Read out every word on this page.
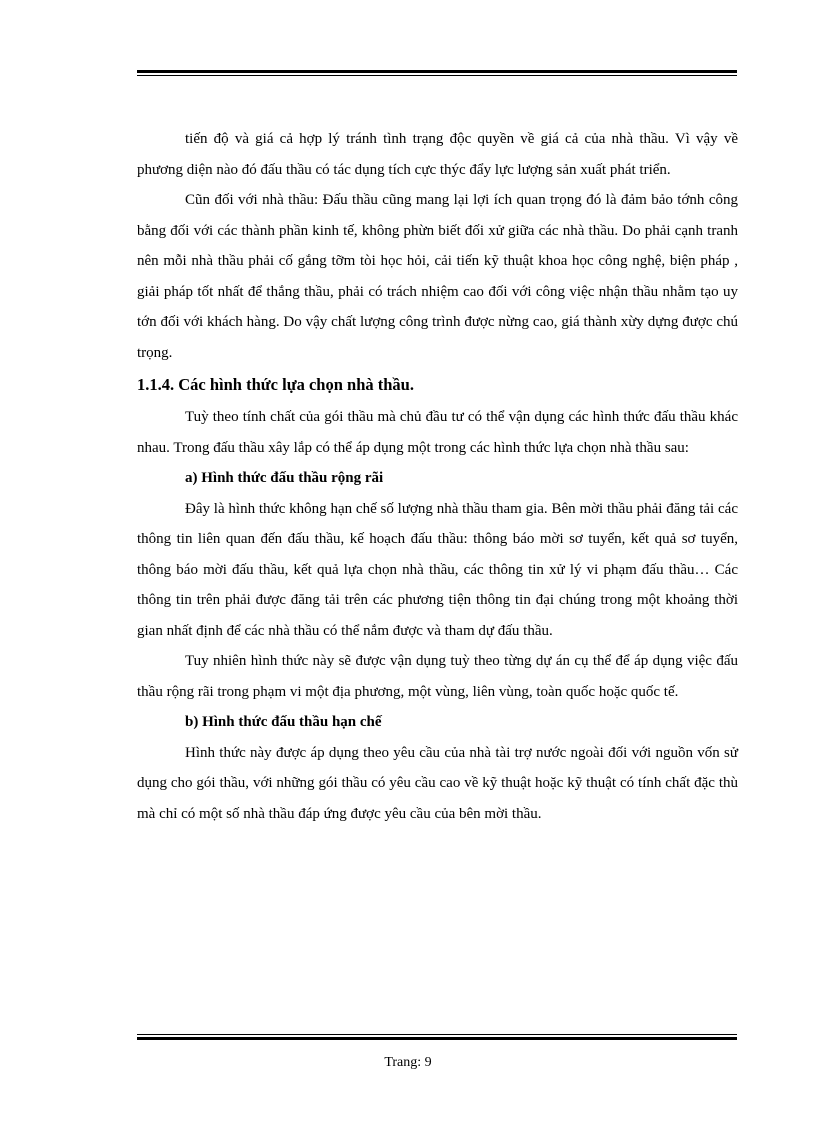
tiến độ và giá cả hợp lý tránh tình trạng độc quyền về giá cả của nhà thầu. Vì vậy về phương diện nào đó đấu thầu có tác dụng tích cực thýc đẩy lực lượng sản xuất phát triển.

Cũn đối với nhà thầu: Đấu thầu cũng mang lại lợi ích quan trọng đó là đảm bảo tớnh công bằng đối với các thành phần kinh tế, không phừn biết đối xử giữa các nhà thầu. Do phải cạnh tranh nên mỗi nhà thầu phải cố gắng tỡm tòi học hỏi, cải tiến kỹ thuật khoa học công nghệ, biện pháp , giải pháp tốt nhất để thắng thầu, phải có trách nhiệm cao đối với công việc nhận thầu nhằm tạo uy tớn đối với khách hàng. Do vậy chất lượng công trình được nừng cao, giá thành xừy dựng được chú trọng.

1.1.4. Các hình thức lựa chọn nhà thầu.

Tuỳ theo tính chất của gói thầu mà chủ đầu tư có thể vận dụng các hình thức đấu thầu khác nhau. Trong đấu thầu xây lắp có thể áp dụng một trong các hình thức lựa chọn nhà thầu sau:

a) Hình thức đấu thầu rộng rãi

Đây là hình thức không hạn chế số lượng nhà thầu tham gia. Bên mời thầu phải đăng tải các thông tin liên quan đến đấu thầu, kế hoạch đấu thầu: thông báo mời sơ tuyển, kết quả sơ tuyển, thông báo mời đấu thầu, kết quả lựa chọn nhà thầu, các thông tin xử lý vi phạm đấu thầu… Các thông tin trên phải được đăng tải trên các phương tiện thông tin đại chúng trong một khoảng thời gian nhất định để các nhà thầu có thể nắm được và tham dự đấu thầu.

Tuy nhiên hình thức này sẽ được vận dụng tuỳ theo từng dự án cụ thể để áp dụng việc đấu thầu rộng rãi trong phạm vi một địa phương, một vùng, liên vùng, toàn quốc hoặc quốc tế.

b) Hình thức đấu thầu hạn chế

Hình thức này được áp dụng theo yêu cầu của nhà tài trợ nước ngoài đối với nguồn vốn sử dụng cho gói thầu, với những gói thầu có yêu cầu cao về kỹ thuật hoặc kỹ thuật có tính chất đặc thù mà chỉ có một số nhà thầu đáp ứng được yêu cầu của bên mời thầu.

Trang: 9
